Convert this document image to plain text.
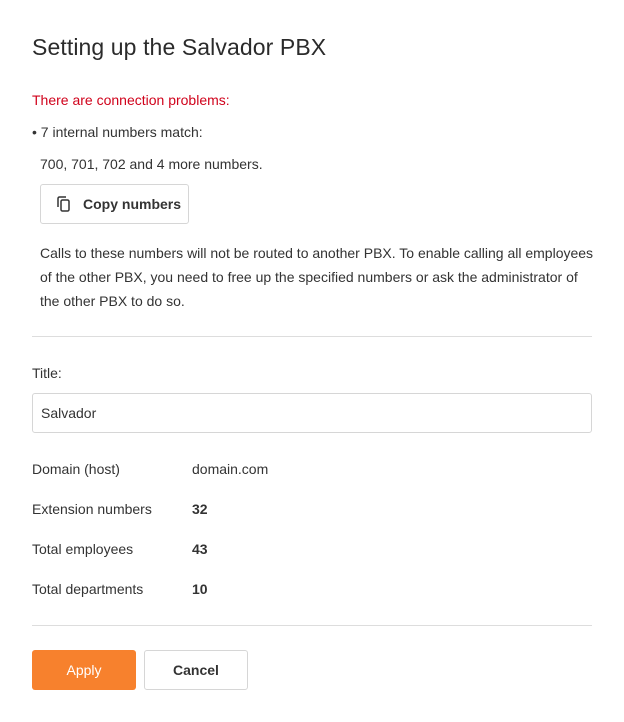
Setting up the Salvador PBX
There are connection problems:
• 7 internal numbers match:
700, 701, 702 and 4 more numbers.
Copy numbers

Calls to these numbers will not be routed to another PBX. To enable calling all employees of the other PBX, you need to free up the specified numbers or ask the administrator of the other PBX to do so.

Title:
Salvador
Domain (host)	domain.com
Extension numbers	32
Total employees	43
Total departments	10
Apply	Cancel
